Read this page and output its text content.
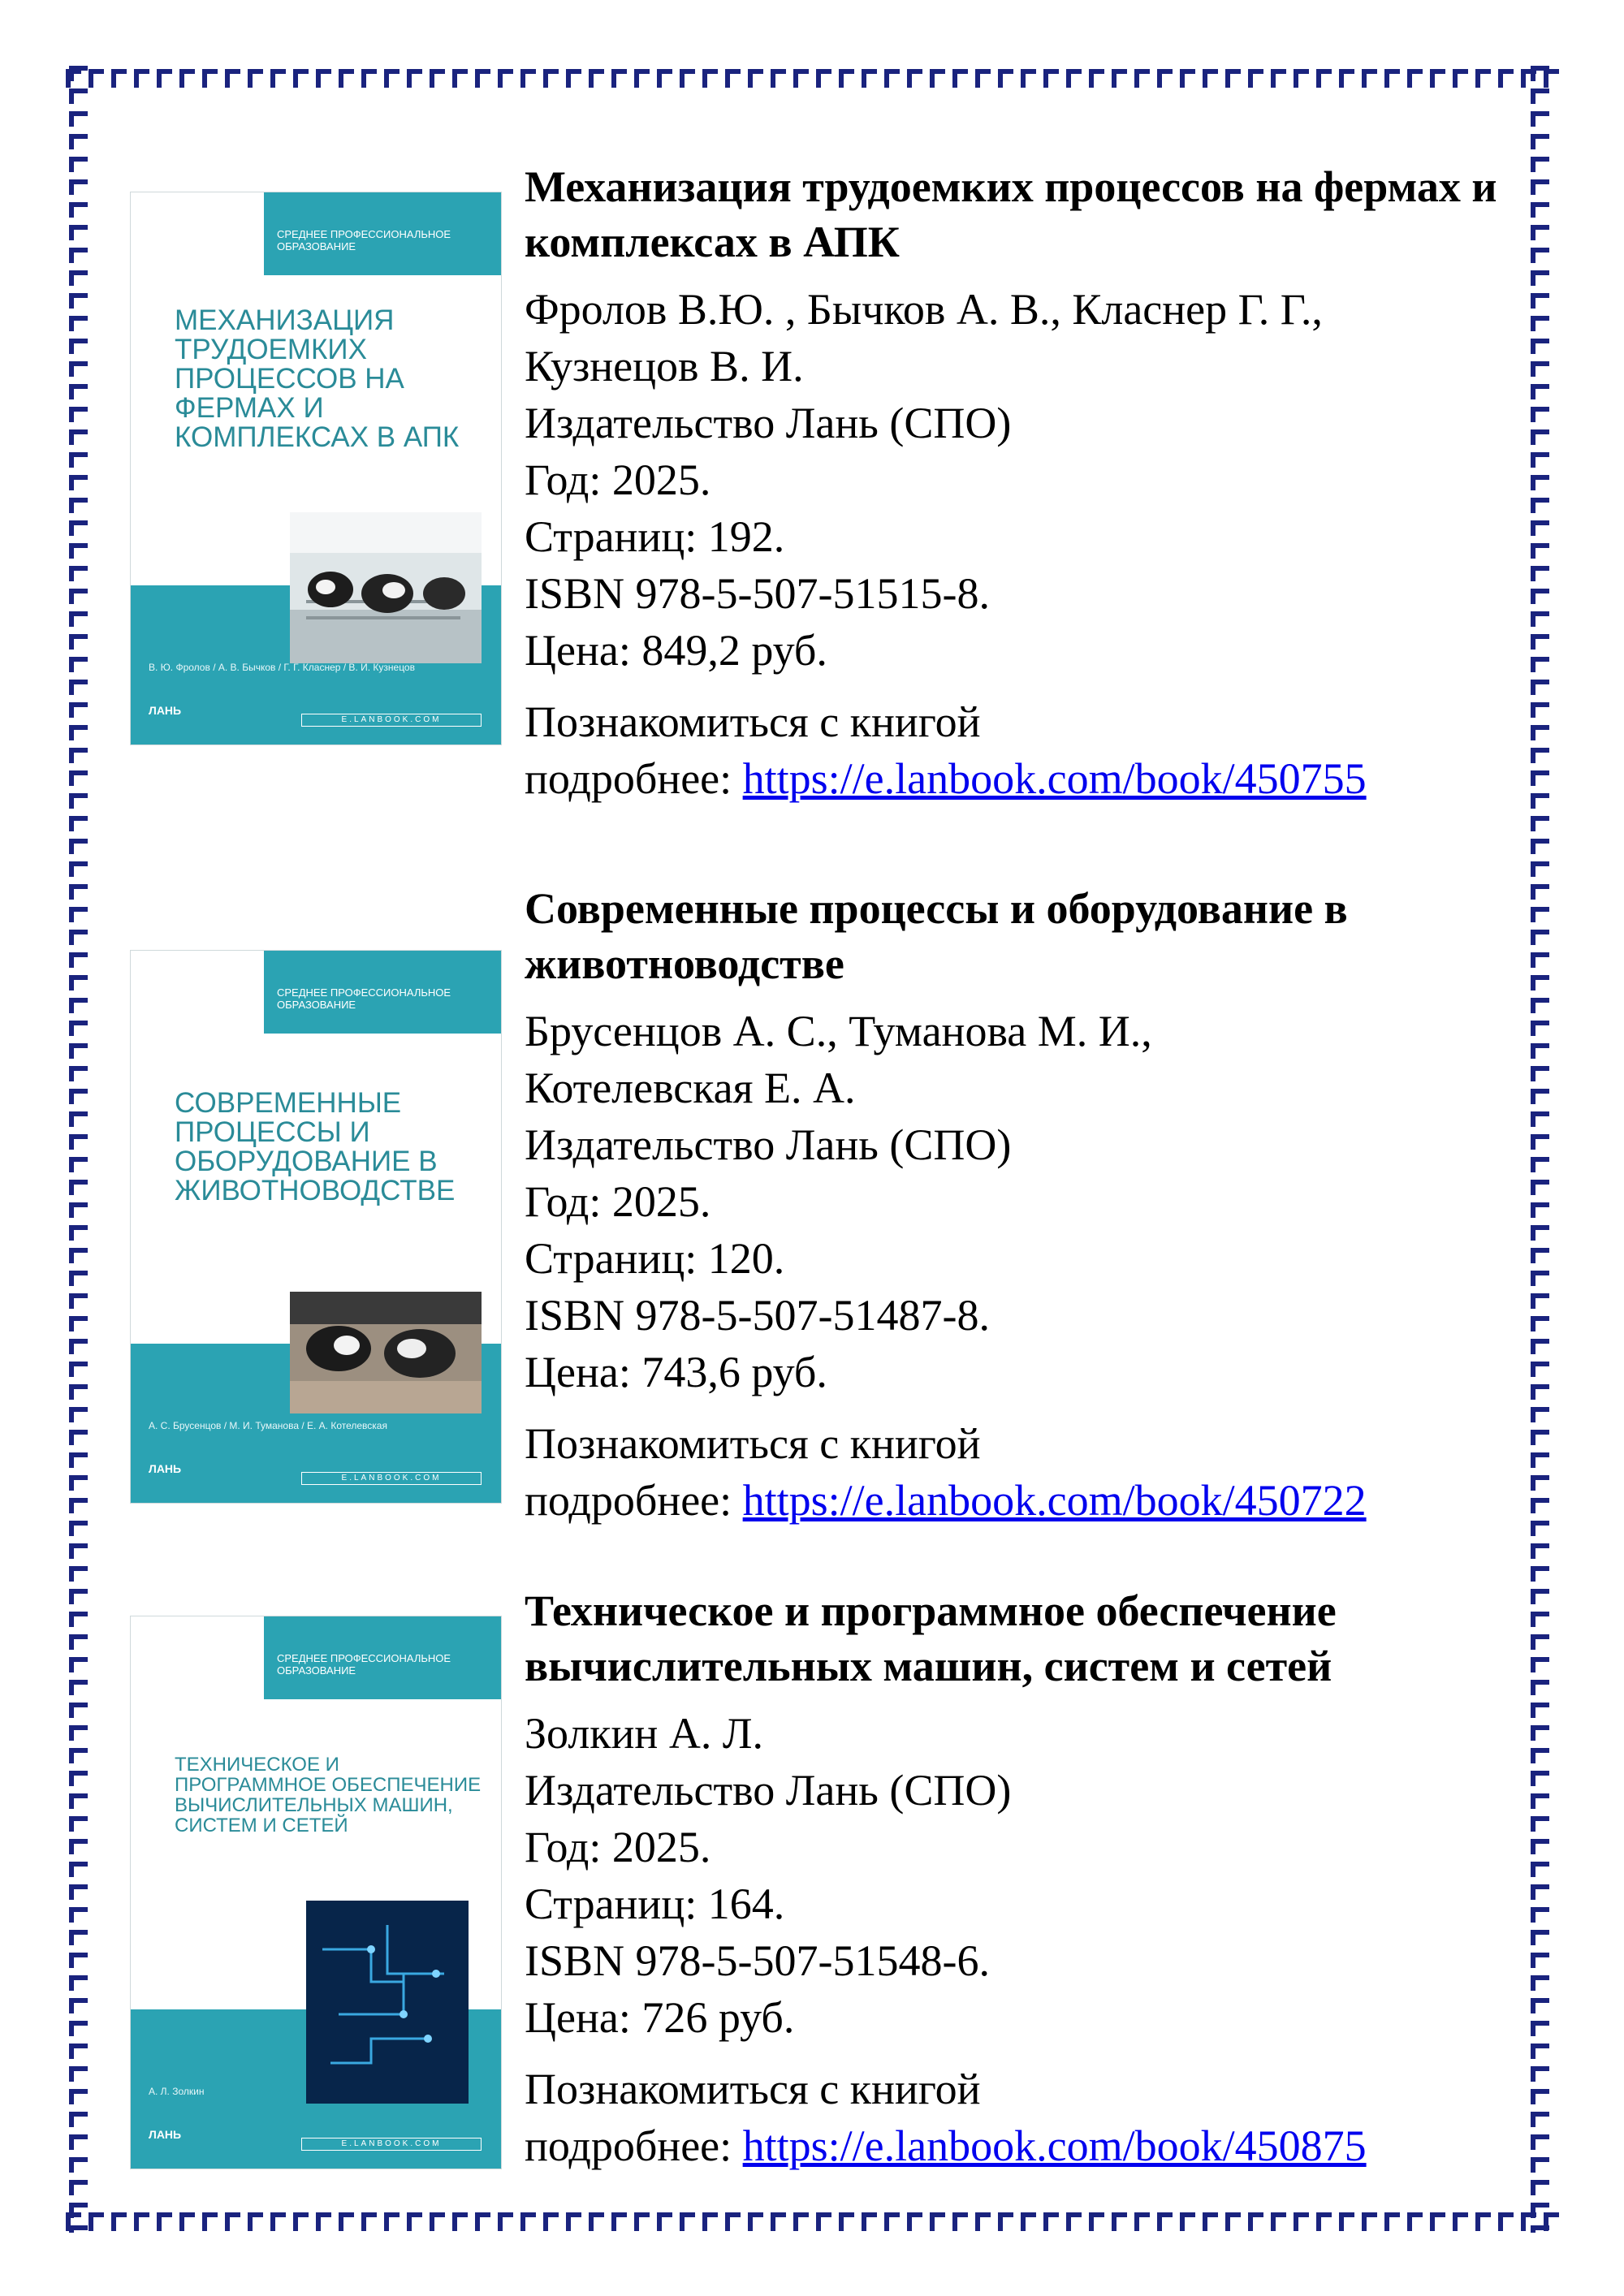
СРЕДНЕЕ ПРОФЕССИОНАЛЬНОЕ ОБРАЗОВАНИЕ
МЕХАНИЗАЦИЯ ТРУДОЕМКИХ ПРОЦЕССОВ НА ФЕРМАХ И КОМПЛЕКСАХ В АПК
В. Ю. Фролов / А. В. Бычков / Г. Г. Класнер / В. И. Кузнецов
ЛАНЬ
E.LANBOOK.COM

Механизация трудоемких процессов на фермах и комплексах в АПК

Фролов В.Ю. , Бычков А. В., Класнер Г. Г.,
Кузнецов В. И.
Издательство Лань (СПО)
Год: 2025.
Страниц: 192.
ISBN 978-5-507-51515-8.
Цена: 849,2 руб.
Познакомиться с книгой
подробнее: https://e.lanbook.com/book/450755
СРЕДНЕЕ ПРОФЕССИОНАЛЬНОЕ ОБРАЗОВАНИЕ
СОВРЕМЕННЫЕ ПРОЦЕССЫ И ОБОРУДОВАНИЕ В ЖИВОТНОВОДСТВЕ
А. С. Брусенцов / М. И. Туманова / Е. А. Котелевская
ЛАНЬ
E.LANBOOK.COM

Современные процессы и оборудование в животноводстве

Брусенцов А. С., Туманова М. И.,
Котелевская Е. А.
Издательство Лань (СПО)
Год: 2025.
Страниц: 120.
ISBN 978-5-507-51487-8.
Цена: 743,6 руб.
Познакомиться с книгой
подробнее: https://e.lanbook.com/book/450722
СРЕДНЕЕ ПРОФЕССИОНАЛЬНОЕ ОБРАЗОВАНИЕ
ТЕХНИЧЕСКОЕ И ПРОГРАММНОЕ ОБЕСПЕЧЕНИЕ ВЫЧИСЛИТЕЛЬНЫХ МАШИН, СИСТЕМ И СЕТЕЙ
А. Л. Золкин
ЛАНЬ
E.LANBOOK.COM

Техническое и программное обеспечение вычислительных машин, систем и сетей

Золкин А. Л.
Издательство Лань (СПО)
Год: 2025.
Страниц: 164.
ISBN 978-5-507-51548-6.
Цена: 726 руб.
Познакомиться с книгой
подробнее: https://e.lanbook.com/book/450875
